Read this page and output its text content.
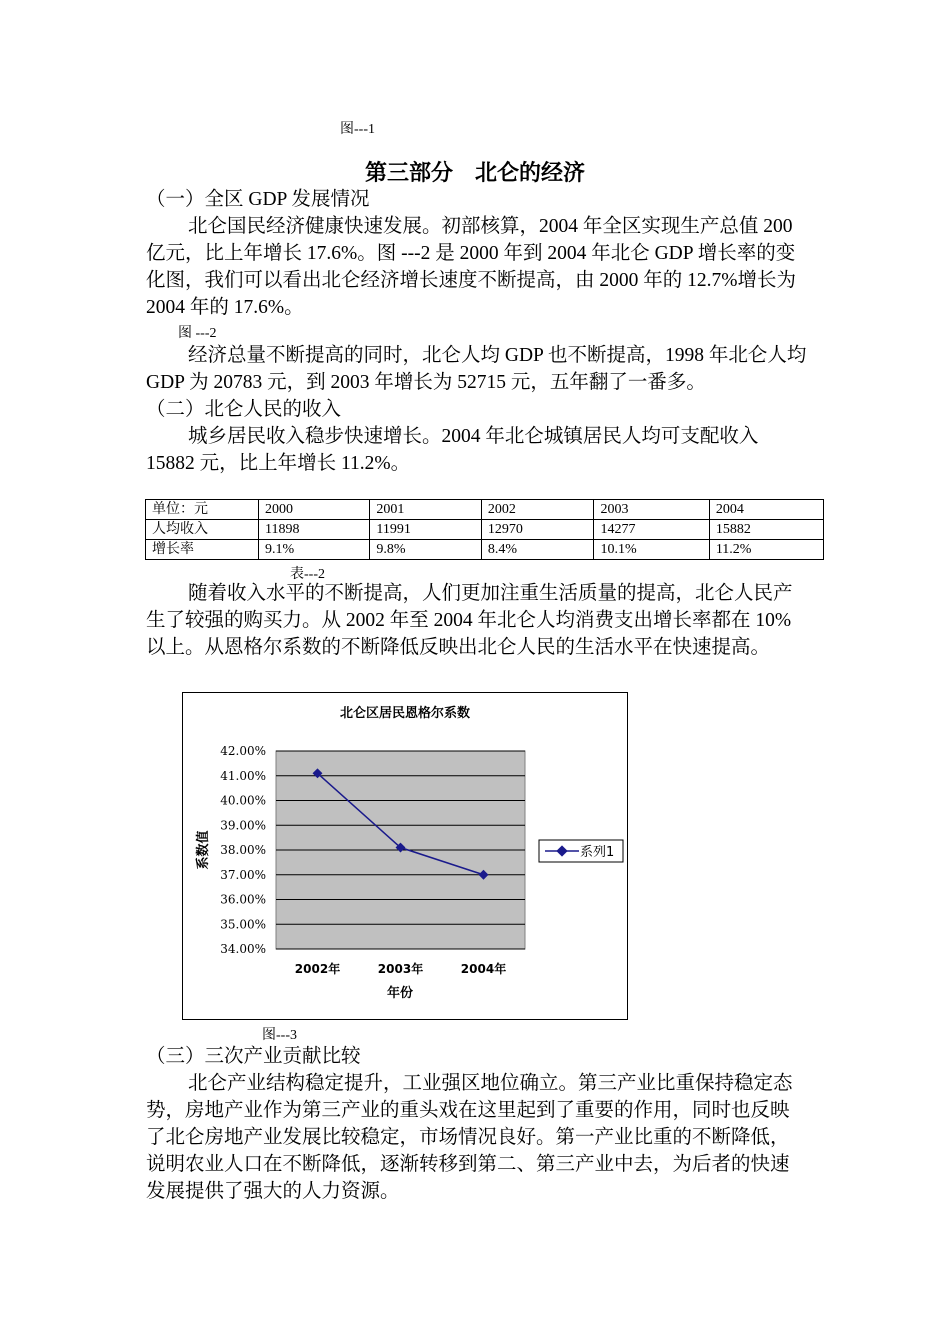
图---1
第三部分　北仑的经济
（一）全区 GDP 发展情况
北仑国民经济健康快速发展。初部核算，2004 年全区实现生产总值 200 亿元，比上年增长 17.6%。图 ---2 是 2000 年到 2004 年北仑 GDP 增长率的变化图，我们可以看出北仑经济增长速度不断提高，由 2000 年的 12.7%增长为 2004 年的 17.6%。
图 ---2
经济总量不断提高的同时，北仑人均 GDP 也不断提高，1998 年北仑人均 GDP 为 20783 元，到 2003 年增长为 52715 元，五年翻了一番多。
（二）北仑人民的收入
城乡居民收入稳步快速增长。2004 年北仑城镇居民人均可支配收入 15882 元，比上年增长 11.2%。
单位：元	2000	2001	2002	2003	2004
人均收入	11898	11991	12970	14277	15882
增长率	9.1%	9.8%	8.4%	10.1%	11.2%
表---2
随着收入水平的不断提高，人们更加注重生活质量的提高，北仑人民产生了较强的购买力。从 2002 年至 2004 年北仑人均消费支出增长率都在 10%以上。从恩格尔系数的不断降低反映出北仑人民的生活水平在快速提高。
北仑区居民恩格尔系数
34.00%
35.00%
36.00%
37.00%
38.00%
39.00%
40.00%
41.00%
42.00%
2002年	2003年	2004年
年份
系数值	系列1
图---3
（三）三次产业贡献比较
北仑产业结构稳定提升，工业强区地位确立。第三产业比重保持稳定态势，房地产业作为第三产业的重头戏在这里起到了重要的作用，同时也反映了北仑房地产业发展比较稳定，市场情况良好。第一产业比重的不断降低，说明农业人口在不断降低，逐渐转移到第二、第三产业中去，为后者的快速发展提供了强大的人力资源。
